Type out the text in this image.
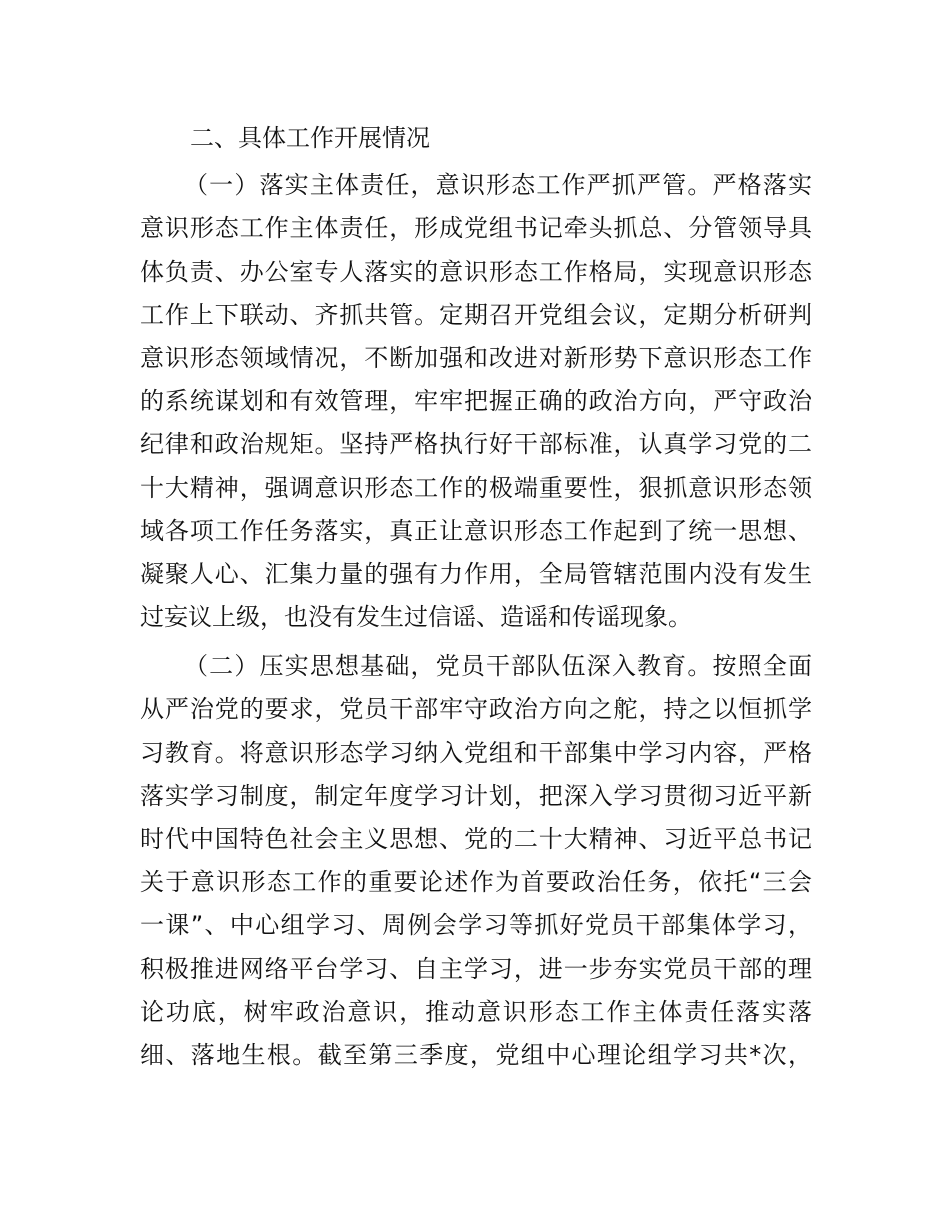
二、具体工作开展情况
（一）落实主体责任，意识形态工作严抓严管。严格落实
意识形态工作主体责任，形成党组书记牵头抓总、分管领导具
体负责、办公室专人落实的意识形态工作格局，实现意识形态
工作上下联动、齐抓共管。定期召开党组会议，定期分析研判
意识形态领域情况，不断加强和改进对新形势下意识形态工作
的系统谋划和有效管理，牢牢把握正确的政治方向，严守政治
纪律和政治规矩。坚持严格执行好干部标准，认真学习党的二
十大精神，强调意识形态工作的极端重要性，狠抓意识形态领
域各项工作任务落实，真正让意识形态工作起到了统一思想、
凝聚人心、汇集力量的强有力作用，全局管辖范围内没有发生
过妄议上级，也没有发生过信谣、造谣和传谣现象。
（二）压实思想基础，党员干部队伍深入教育。按照全面
从严治党的要求，党员干部牢守政治方向之舵，持之以恒抓学
习教育。将意识形态学习纳入党组和干部集中学习内容，严格
落实学习制度，制定年度学习计划，把深入学习贯彻习近平新
时代中国特色社会主义思想、党的二十大精神、习近平总书记
关于意识形态工作的重要论述作为首要政治任务，依托“三会
一课”、中心组学习、周例会学习等抓好党员干部集体学习，
积极推进网络平台学习、自主学习，进一步夯实党员干部的理
论功底，树牢政治意识，推动意识形态工作主体责任落实落
细、落地生根。截至第三季度，党组中心理论组学习共*次，
